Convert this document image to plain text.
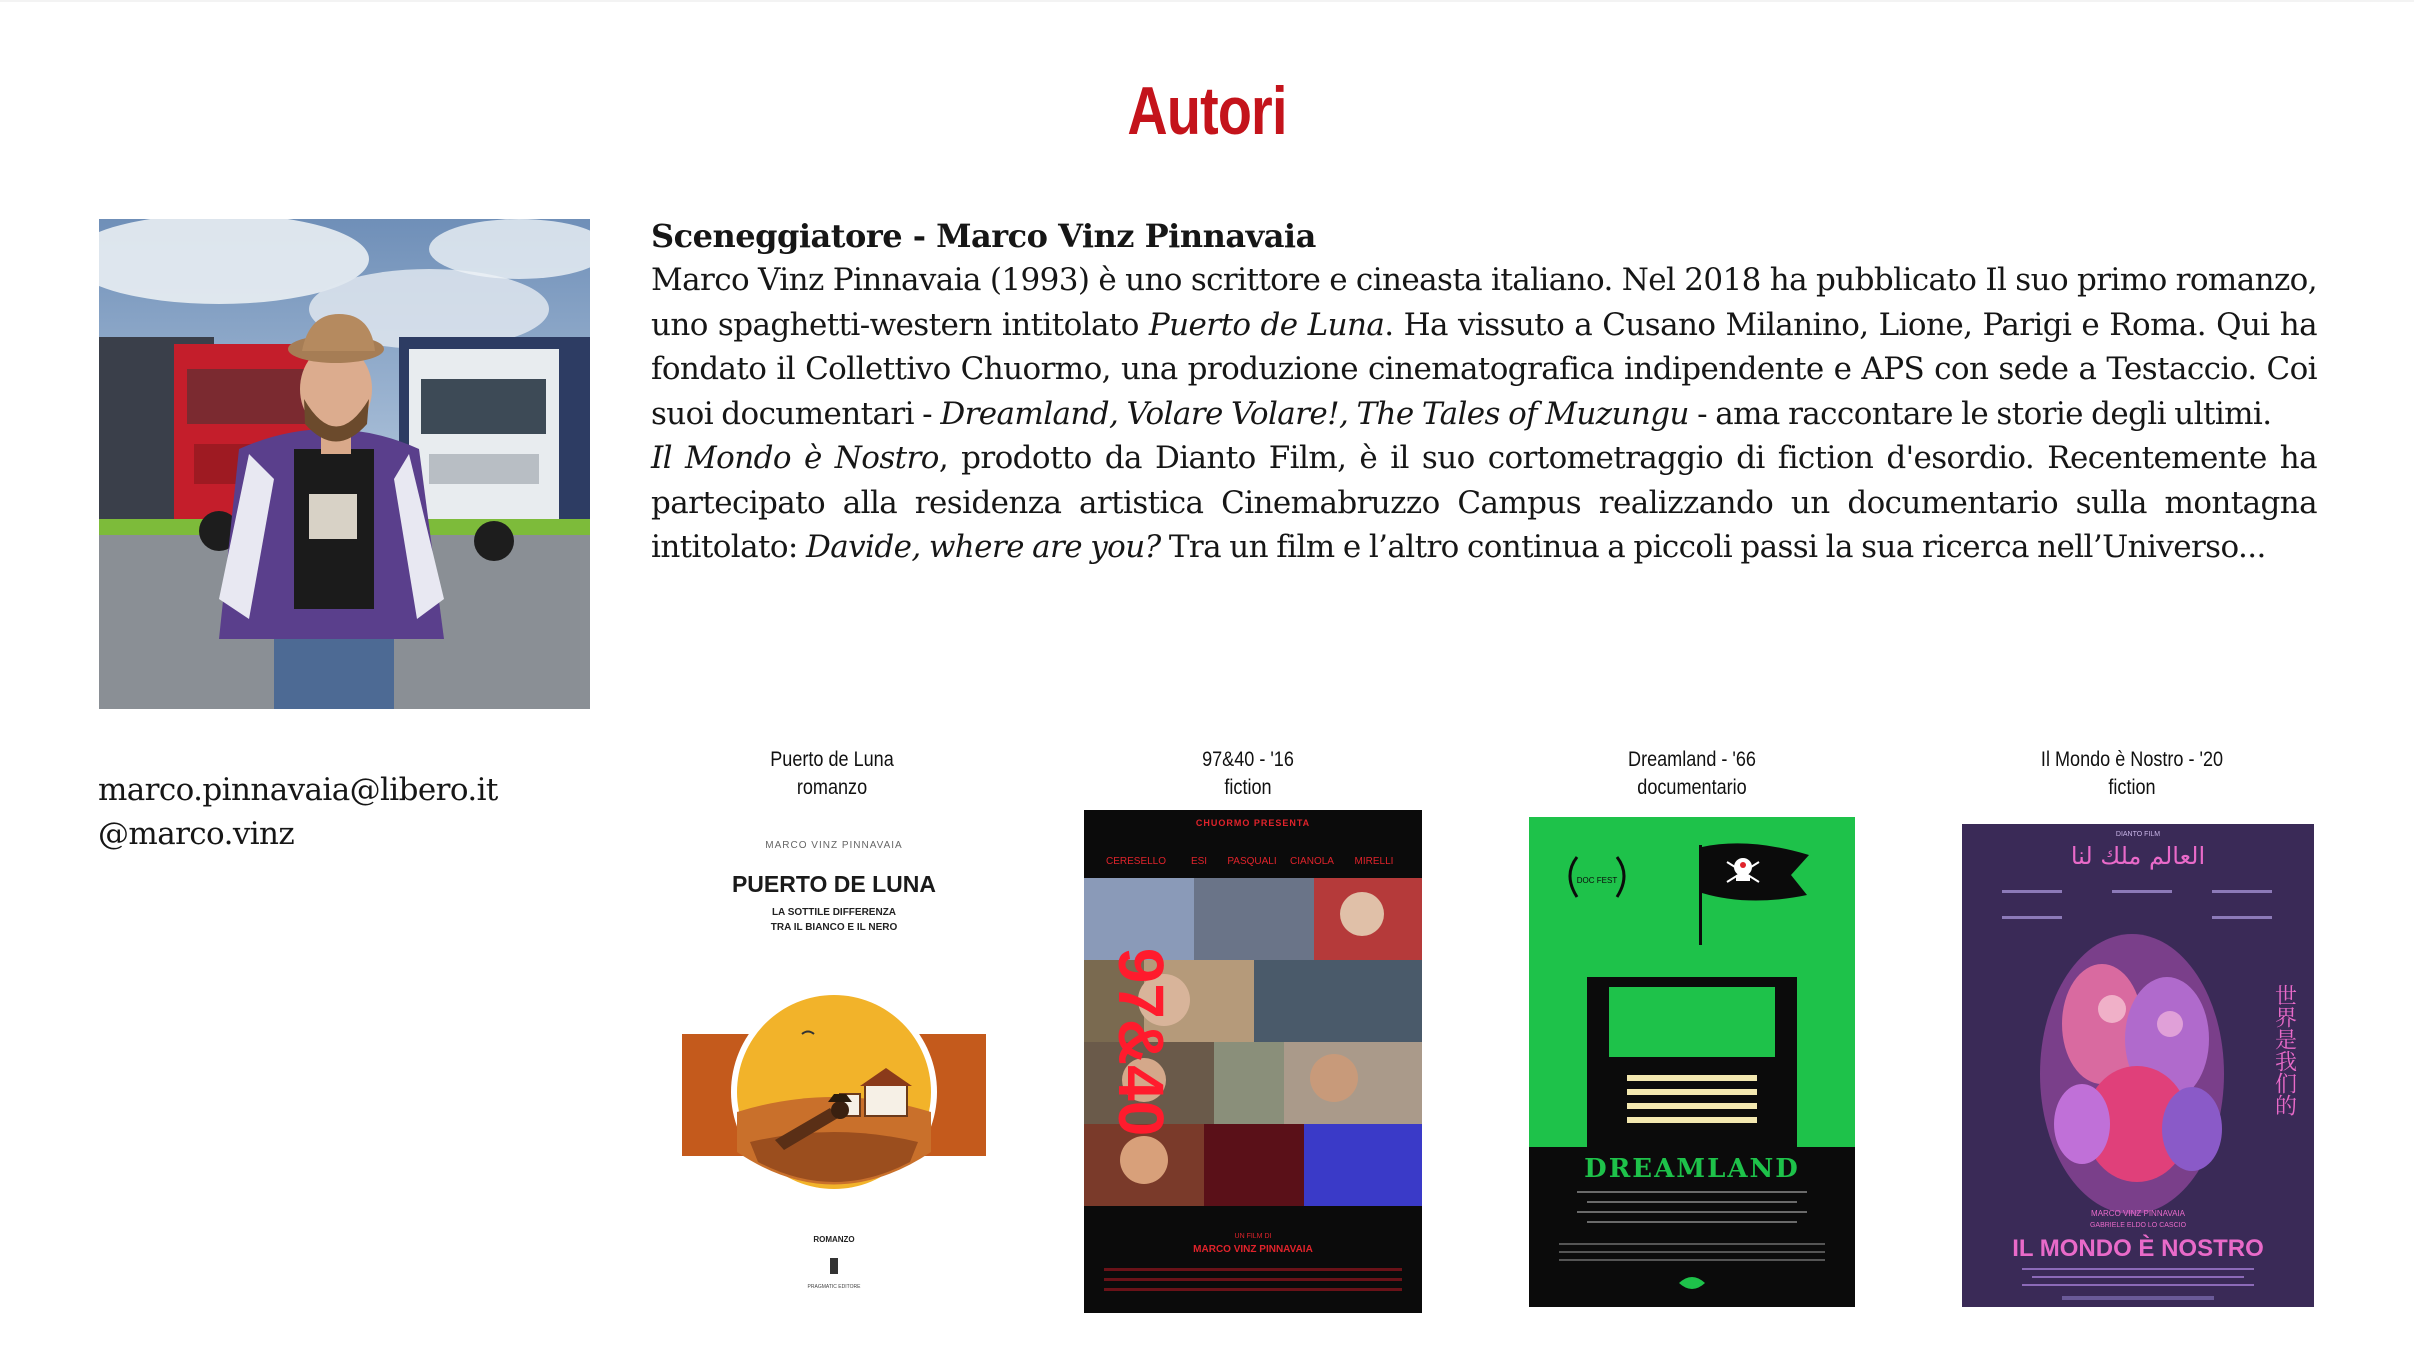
Autori
Sceneggiatore - Marco Vinz Pinnavaia

Marco Vinz Pinnavaia (1993) è uno scrittore e cineasta italiano. Nel 2018 ha pubblicato Il suo primo romanzo, uno spaghetti-western intitolato Puerto de Luna. Ha vissuto a Cusano Milanino, Lione, Parigi e Roma. Qui ha fondato il Collettivo Chuormo, una produzione cinematografica indipendente e APS con sede a Testaccio. Coi suoi documentari - Dreamland, Volare Volare!, The Tales of Muzungu - ama raccontare le storie degli ultimi.

Il Mondo è Nostro, prodotto da Dianto Film, è il suo cortometraggio di fiction d'esordio. Recentemente ha partecipato alla residenza artistica Cinemabruzzo Campus realizzando un documentario sulla montagna intitolato: Davide, where are you? Tra un film e l’altro continua a piccoli passi la sua ricerca nell’Universo...

marco.pinnavaia@libero.it
@marco.vinz
Puerto de Luna
romanzo
MARCO VINZ PINNAVAIA
PUERTO DE LUNA
LA SOTTILE DIFFERENZA
TRA IL BIANCO E IL NERO
ROMANZO
PRAGMATIC EDITORE
97&40 - '16
fiction
CHUORMO PRESENTA
CERESELLO ESI PASQUALI CIANOLA MIRELLI
97&40
UN FILM DI
MARCO VINZ PINNAVAIA
Dreamland - '66
documentario
DOC FEST
DREAMLAND
Il Mondo è Nostro - '20
fiction
العالم ملك لنا
DIANTO FILM
世界是我们的
MARCO VINZ PINNAVAIA
GABRIELE ELDO LO CASCIO
IL MONDO È NOSTRO
